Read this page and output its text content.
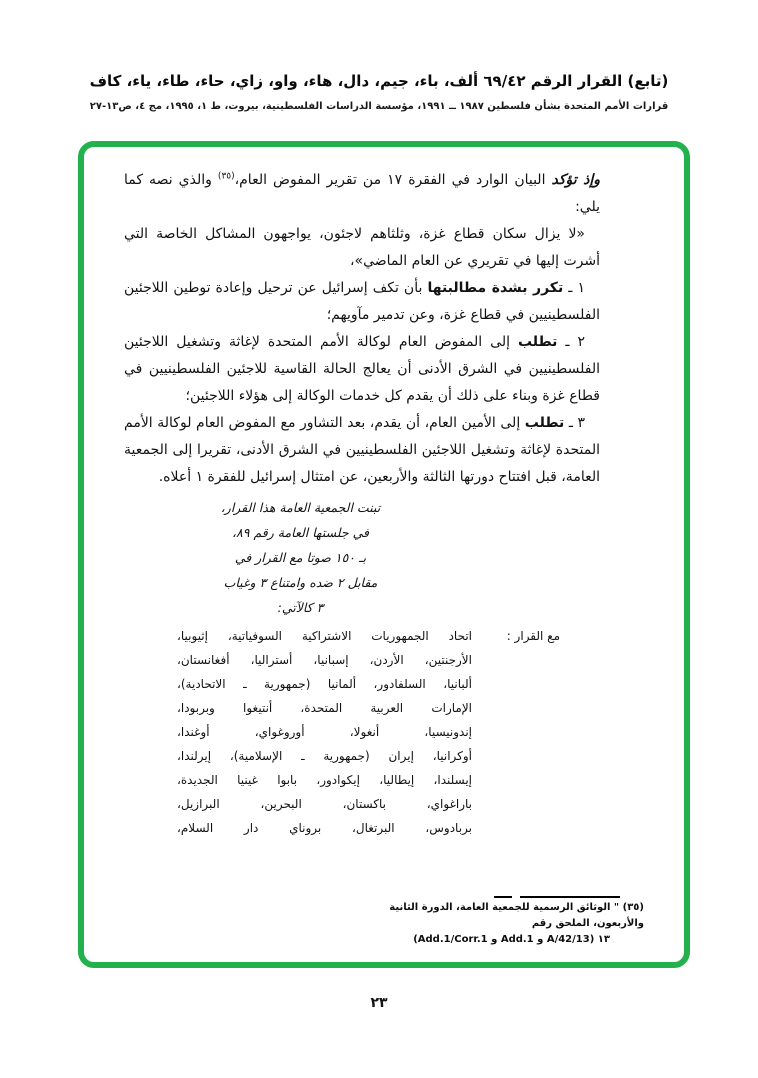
(تابع) القرار الرقم ٦٩/٤٢ ألف، باء، جيم، دال، هاء، واو، زاي، حاء، طاء، ياء، كاف
قرارات الأمم المتحدة بشأن فلسطين ١٩٨٧ ــ ١٩٩١، مؤسسة الدراسات الفلسطينية، بيروت، ط ١، ١٩٩٥، مج ٤، ص١٣-٢٧

وإذ تؤكد البيان الوارد في الفقرة ١٧ من تقرير المفوض العام،$^{(٣٥)}$ والذي نصه كما يلي:

«لا يزال سكان قطاع غزة، وثلثاهم لاجئون، يواجهون المشاكل الخاصة التي أشرت إليها في تقريري عن العام الماضي»،

١ ـ تكرر بشدة مطالبتها بأن تكف إسرائيل عن ترحيل وإعادة توطين اللاجئين الفلسطينيين في قطاع غزة، وعن تدمير مآويهم؛

٢ ـ تطلب إلى المفوض العام لوكالة الأمم المتحدة لإغاثة وتشغيل اللاجئين الفلسطينيين في الشرق الأدنى أن يعالج الحالة القاسية للاجئين الفلسطينيين في قطاع غزة وبناء على ذلك أن يقدم كل خدمات الوكالة إلى هؤلاء اللاجئين؛

٣ ـ تطلب إلى الأمين العام، أن يقدم، بعد التشاور مع المفوض العام لوكالة الأمم المتحدة لإغاثة وتشغيل اللاجئين الفلسطينيين في الشرق الأدنى، تقريرا إلى الجمعية العامة، قبل افتتاح دورتها الثالثة والأربعين، عن امتثال إسرائيل للفقرة ١ أعلاه.

تبنت الجمعية العامة هذا القرار،
في جلستها العامة رقم ٨٩،
بـ ١٥٠ صوتا مع القرار في
مقابل ٢ ضده وامتناع ٣ وغياب
٣ كالآتي:
مع القرار :
اتحاد الجمهوريات الاشتراكية السوفياتية، إثيوبيا،
الأرجنتين، الأردن، إسبانيا، أستراليا، أفغانستان،
ألبانيا، السلفادور، ألمانيا (جمهورية ـ الاتحادية)،
الإمارات العربية المتحدة، أنتيغوا وبربودا،
إندونيسيا، أنغولا، أوروغواي، أوغندا،
أوكرانيا، إيران (جمهورية ـ الإسلامية)، إيرلندا،
إيسلندا، إيطاليا، إيكوادور، بابوا غينيا الجديدة،
باراغواي، باكستان، البحرين، البرازيل،
بربادوس، البرتغال، بروناي دار السلام،
(٣٥) " الوثائق الرسمية للجمعية العامة، الدورة الثانية والأربعون، الملحق رقم
١٣ (A/42/13 و Add.1 و Add.1/Corr.1)
٢٣
